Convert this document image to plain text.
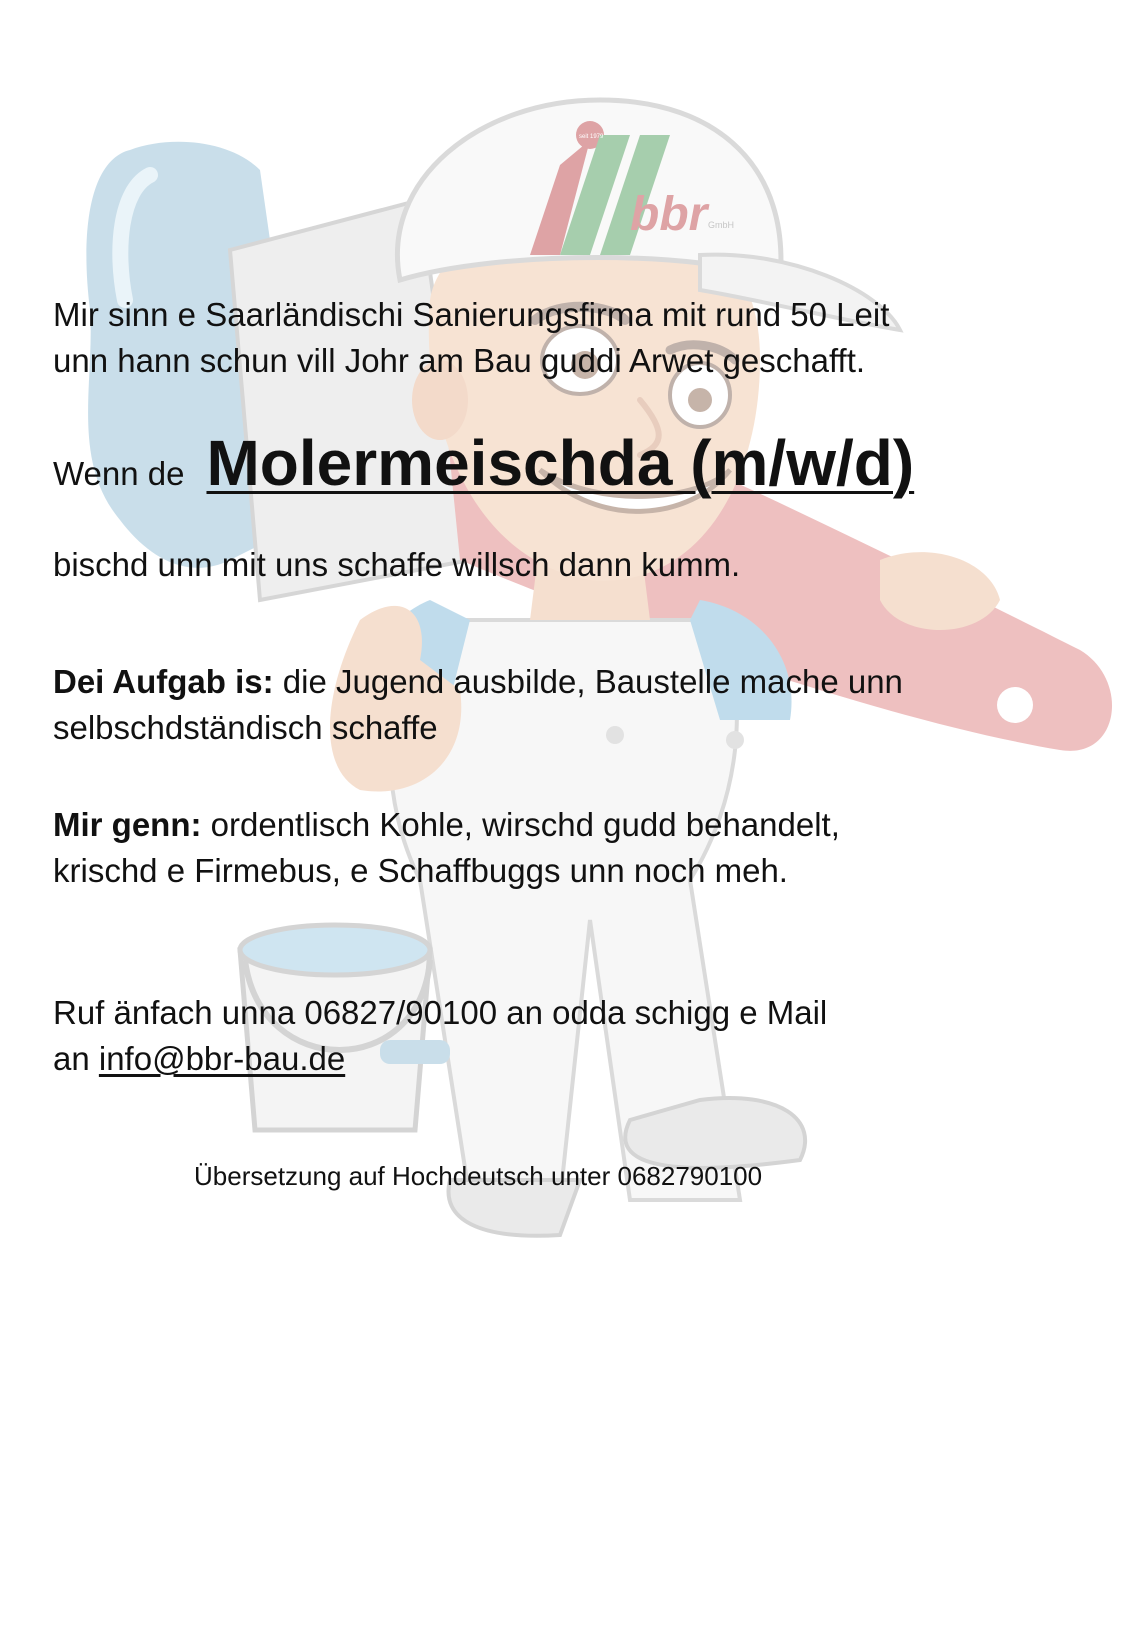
bbr GmbH
seit 1979

Mir sinn e Saarländischi Sanierungsfirma mit rund 50 Leit
unn hann schun vill Johr am Bau guddi Arwet geschafft.

Wenn de Molermeischda (m/w/d)

bischd unn mit uns schaffe willsch dann kumm.

Dei Aufgab is: die Jugend ausbilde, Baustelle mache unn
selbschdständisch schaffe

Mir genn: ordentlisch Kohle, wirschd gudd behandelt,
krischd e Firmebus, e Schaffbuggs unn noch meh.

Ruf änfach unna 06827/90100 an odda schigg e Mail
an info@bbr-bau.de

Übersetzung auf Hochdeutsch unter 0682790100
